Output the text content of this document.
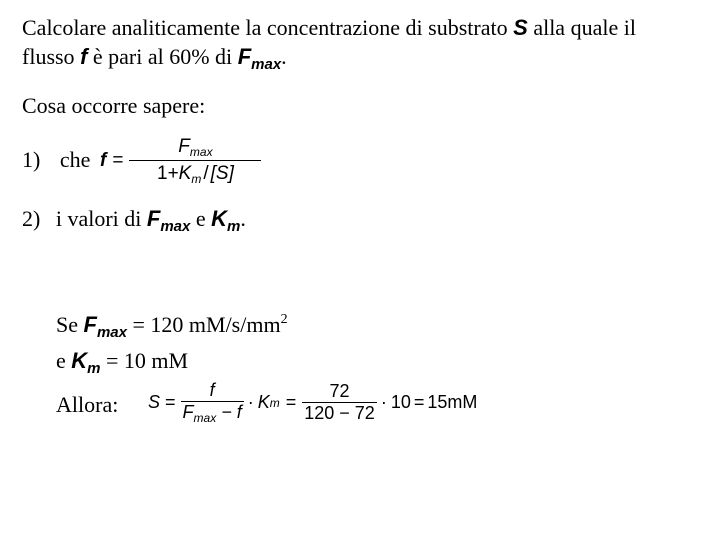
Calcolare analiticamente la concentrazione di substrato S alla quale il
flusso f è pari al 60% di $F_{max}$.
Cosa occorre sapere:
1) che $f = \frac{F_{max}}{1+K_m / [S]}$
2) i valori di $F_{max}$ e $K_m$.
Se $F_{max} = 120$ $mM/s/mm^2$
e $K_m = 10$ mM
Allora: $S = \frac{f}{F_{max} - f} \cdot K$ $m = \frac{72}{120 - 72} \cdot 10 = 15mM$
